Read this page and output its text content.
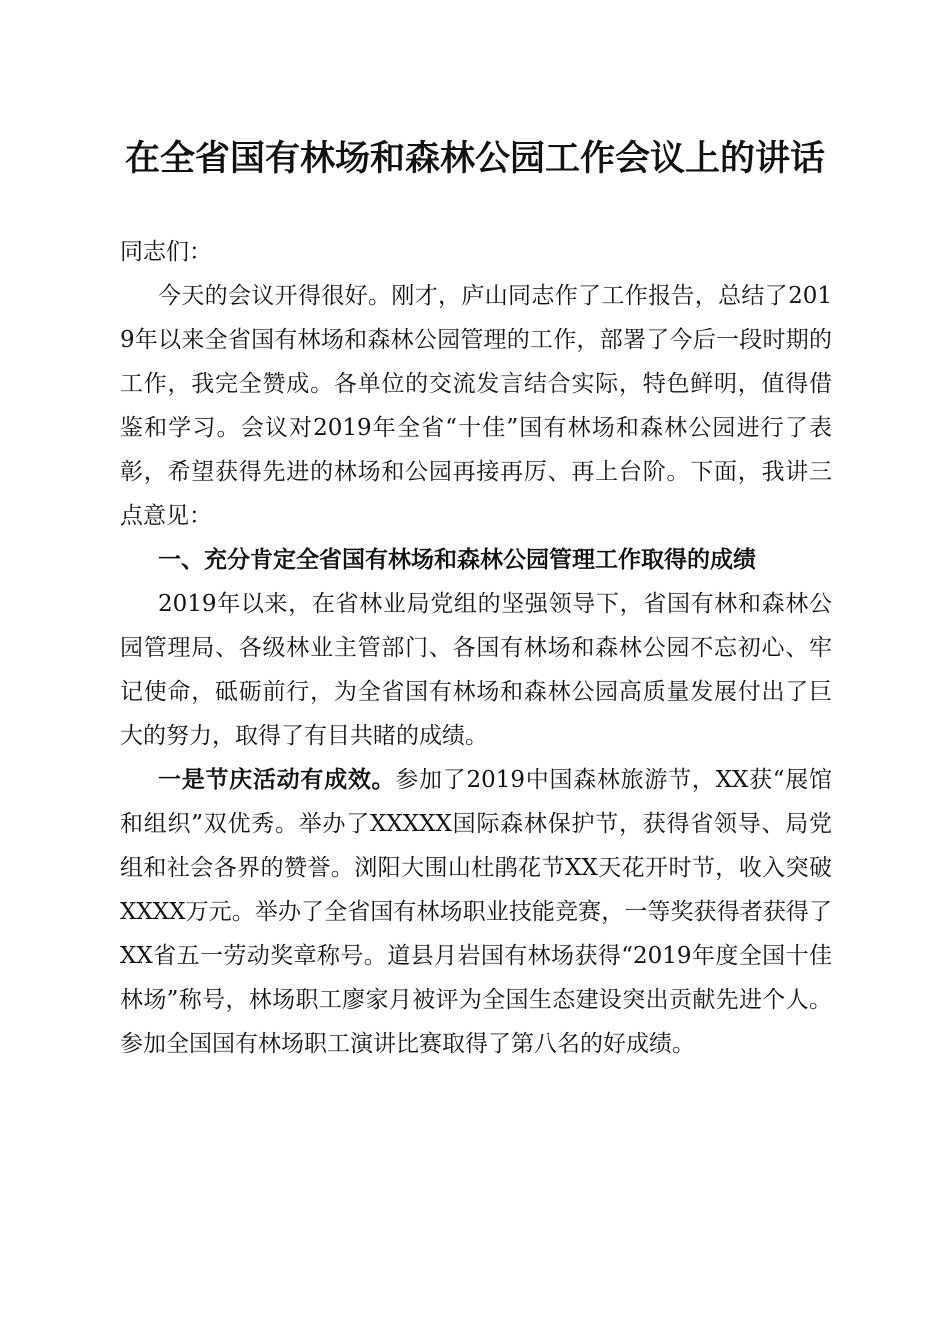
在全省国有林场和森林公园工作会议上的讲话

同志们：

今天的会议开得很好。刚才，庐山同志作了工作报告，总结了2019年以来全省国有林场和森林公园管理的工作，部署了今后一段时期的工作，我完全赞成。各单位的交流发言结合实际，特色鲜明，值得借鉴和学习。会议对2019年全省“十佳”国有林场和森林公园进行了表彰，希望获得先进的林场和公园再接再厉、再上台阶。下面，我讲三点意见：

一、充分肯定全省国有林场和森林公园管理工作取得的成绩

2019年以来，在省林业局党组的坚强领导下，省国有林和森林公园管理局、各级林业主管部门、各国有林场和森林公园不忘初心、牢记使命，砥砺前行，为全省国有林场和森林公园高质量发展付出了巨大的努力，取得了有目共睹的成绩。

一是节庆活动有成效。参加了2019中国森林旅游节，XX获“展馆和组织”双优秀。举办了XXXXX国际森林保护节，获得省领导、局党组和社会各界的赞誉。浏阳大围山杜鹃花节XX天花开时节，收入突破XXXX万元。举办了全省国有林场职业技能竞赛，一等奖获得者获得了XX省五一劳动奖章称号。道县月岩国有林场获得“2019年度全国十佳林场”称号，林场职工廖家月被评为全国生态建设突出贡献先进个人。参加全国国有林场职工演讲比赛取得了第八名的好成绩。
